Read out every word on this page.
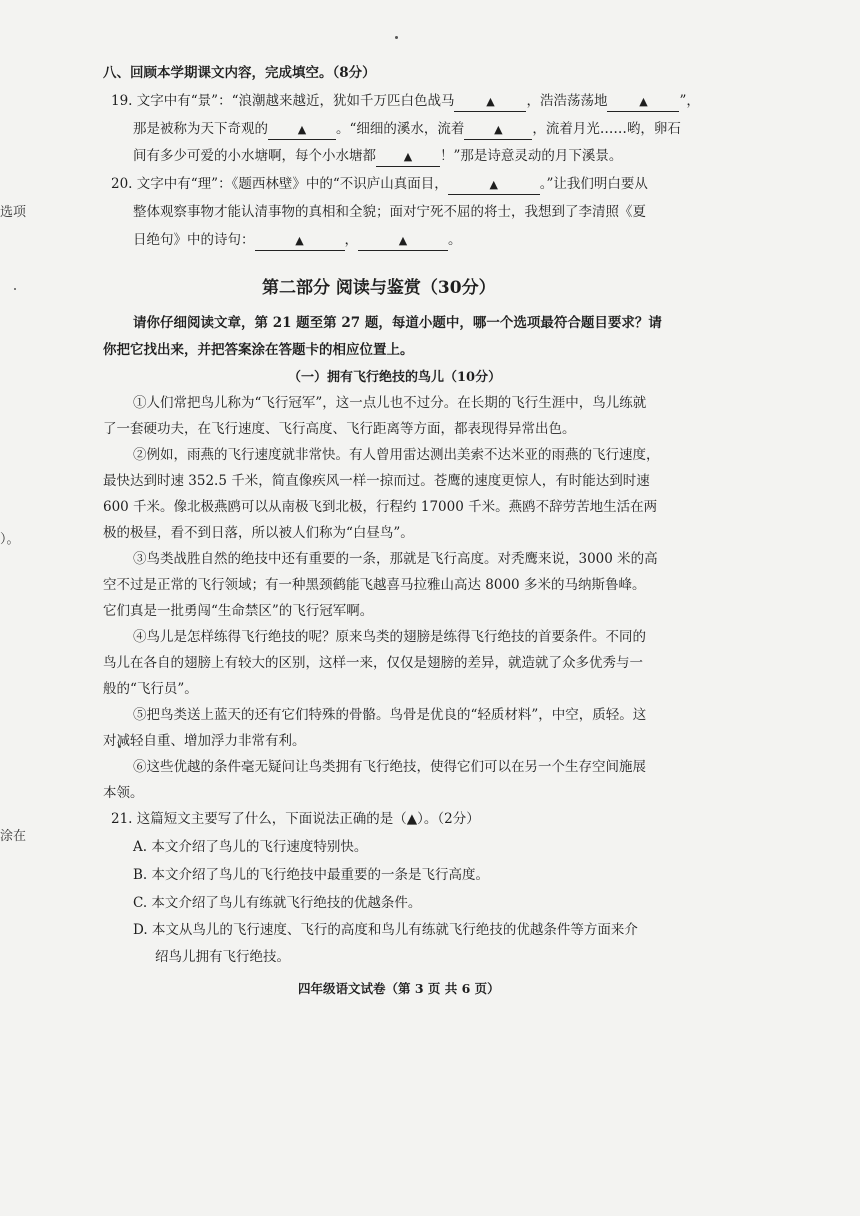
选项
）。
涂在
八、回顾本学期课文内容，完成填空。（8分）
19. 文字中有“景”：“浪潮越来越近，犹如千万匹白色战马	▲ ，浩浩荡荡地	▲ ”，
那是被称为天下奇观的	▲ 。“细细的溪水，流着	▲ ，流着月光……哟，卵石
间有多少可爱的小水塘啊，每个小水塘都	▲ ！”那是诗意灵动的月下溪景。
20. 文字中有“理”：《题西林壁》中的“不识庐山真面目，	▲	。”让我们明白要从
整体观察事物才能认清事物的真相和全貌；面对宁死不屈的将士，我想到了李清照《夏
日绝句》中的诗句：	▲	，	▲	。
第二部分 阅读与鉴赏（30分）
请你仔细阅读文章，第 21 题至第 27 题，每道小题中，哪一个选项最符合题目要求？请
你把它找出来，并把答案涂在答题卡的相应位置上。
（一）拥有飞行绝技的鸟儿（10分）
①人们常把鸟儿称为“飞行冠军”，这一点儿也不过分。在长期的飞行生涯中，鸟儿练就
了一套硬功夫，在飞行速度、飞行高度、飞行距离等方面，都表现得异常出色。
②例如，雨燕的飞行速度就非常快。有人曾用雷达测出美索不达米亚的雨燕的飞行速度，
最快达到时速 352.5 千米，简直像疾风一样一掠而过。苍鹰的速度更惊人，有时能达到时速
600 千米。像北极燕鸥可以从南极飞到北极，行程约 17000 千米。燕鸥不辞劳苦地生活在两
极的极昼，看不到日落，所以被人们称为“白昼鸟”。
③鸟类战胜自然的绝技中还有重要的一条，那就是飞行高度。对秃鹰来说，3000 米的高
空不过是正常的飞行领域；有一种黑颈鹤能飞越喜马拉雅山高达 8000 多米的马纳斯鲁峰。
它们真是一批勇闯“生命禁区”的飞行冠军啊。
④鸟儿是怎样练得飞行绝技的呢？原来鸟类的翅膀是练得飞行绝技的首要条件。不同的
鸟儿在各自的翅膀上有较大的区别，这样一来，仅仅是翅膀的差异，就造就了众多优秀与一
般的“飞行员”。
⑤把鸟类送上蓝天的还有它们特殊的骨骼。鸟骨是优良的“轻质材料”，中空，质轻。这
对减轻自重、增加浮力非常有利。
⑥这些优越的条件毫无疑问让鸟类拥有飞行绝技，使得它们可以在另一个生存空间施展
本领。
21. 这篇短文主要写了什么，下面说法正确的是（▲）。（2分）
A. 本文介绍了鸟儿的飞行速度特别快。
B. 本文介绍了鸟儿的飞行绝技中最重要的一条是飞行高度。
C. 本文介绍了鸟儿有练就飞行绝技的优越条件。
D. 本文从鸟儿的飞行速度、飞行的高度和鸟儿有练就飞行绝技的优越条件等方面来介
绍鸟儿拥有飞行绝技。
四年级语文试卷（第 3 页 共 6 页）
